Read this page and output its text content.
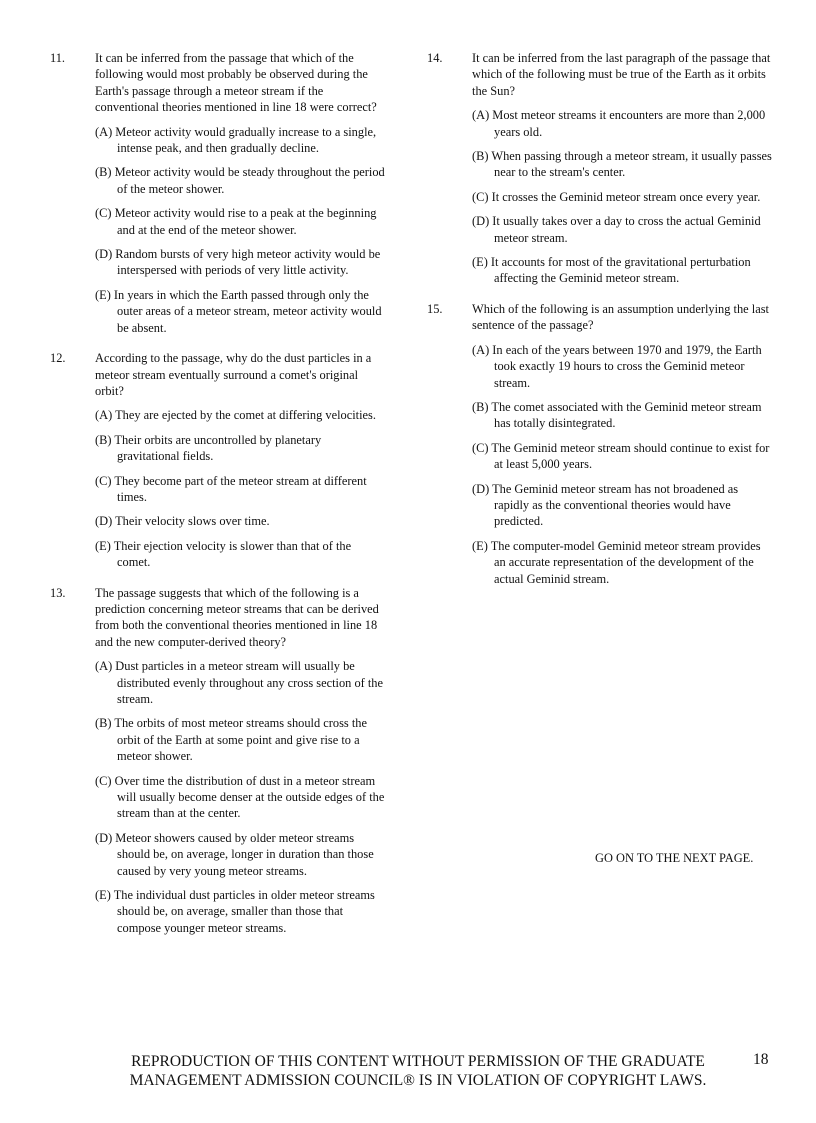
11.	It can be inferred from the passage that which of the following would most probably be observed during the Earth's passage through a meteor stream if the conventional theories mentioned in line 18 were correct?

(A) Meteor activity would gradually increase to a single, intense peak, and then gradually decline.

(B) Meteor activity would be steady throughout the period of the meteor shower.

(C) Meteor activity would rise to a peak at the beginning and at the end of the meteor shower.

(D) Random bursts of very high meteor activity would be interspersed with periods of very little activity.

(E) In years in which the Earth passed through only the outer areas of a meteor stream, meteor activity would be absent.

12.	According to the passage, why do the dust particles in a meteor stream eventually surround a comet's original orbit?

(A) They are ejected by the comet at differing velocities.

(B) Their orbits are uncontrolled by planetary gravitational fields.

(C) They become part of the meteor stream at different times.

(D) Their velocity slows over time.

(E) Their ejection velocity is slower than that of the comet.

13.	The passage suggests that which of the following is a prediction concerning meteor streams that can be derived from both the conventional theories mentioned in line 18 and the new computer-derived theory?

(A) Dust particles in a meteor stream will usually be distributed evenly throughout any cross section of the stream.

(B) The orbits of most meteor streams should cross the orbit of the Earth at some point and give rise to a meteor shower.

(C) Over time the distribution of dust in a meteor stream will usually become denser at the outside edges of the stream than at the center.

(D) Meteor showers caused by older meteor streams should be, on average, longer in duration than those caused by very young meteor streams.

(E) The individual dust particles in older meteor streams should be, on average, smaller than those that compose younger meteor streams.

14.	It can be inferred from the last paragraph of the passage that which of the following must be true of the Earth as it orbits the Sun?

(A) Most meteor streams it encounters are more than 2,000 years old.

(B) When passing through a meteor stream, it usually passes near to the stream's center.

(C) It crosses the Geminid meteor stream once every year.

(D) It usually takes over a day to cross the actual Geminid meteor stream.

(E) It accounts for most of the gravitational perturbation affecting the Geminid meteor stream.

15.	Which of the following is an assumption underlying the last sentence of the passage?

(A) In each of the years between 1970 and 1979, the Earth took exactly 19 hours to cross the Geminid meteor stream.

(B) The comet associated with the Geminid meteor stream has totally disintegrated.

(C) The Geminid meteor stream should continue to exist for at least 5,000 years.

(D) The Geminid meteor stream has not broadened as rapidly as the conventional theories would have predicted.

(E) The computer-model Geminid meteor stream provides an accurate representation of the development of the actual Geminid stream.

GO ON TO THE NEXT PAGE.
REPRODUCTION OF THIS CONTENT WITHOUT PERMISSION OF THE GRADUATE
MANAGEMENT ADMISSION COUNCIL® IS IN VIOLATION OF COPYRIGHT LAWS.
18
